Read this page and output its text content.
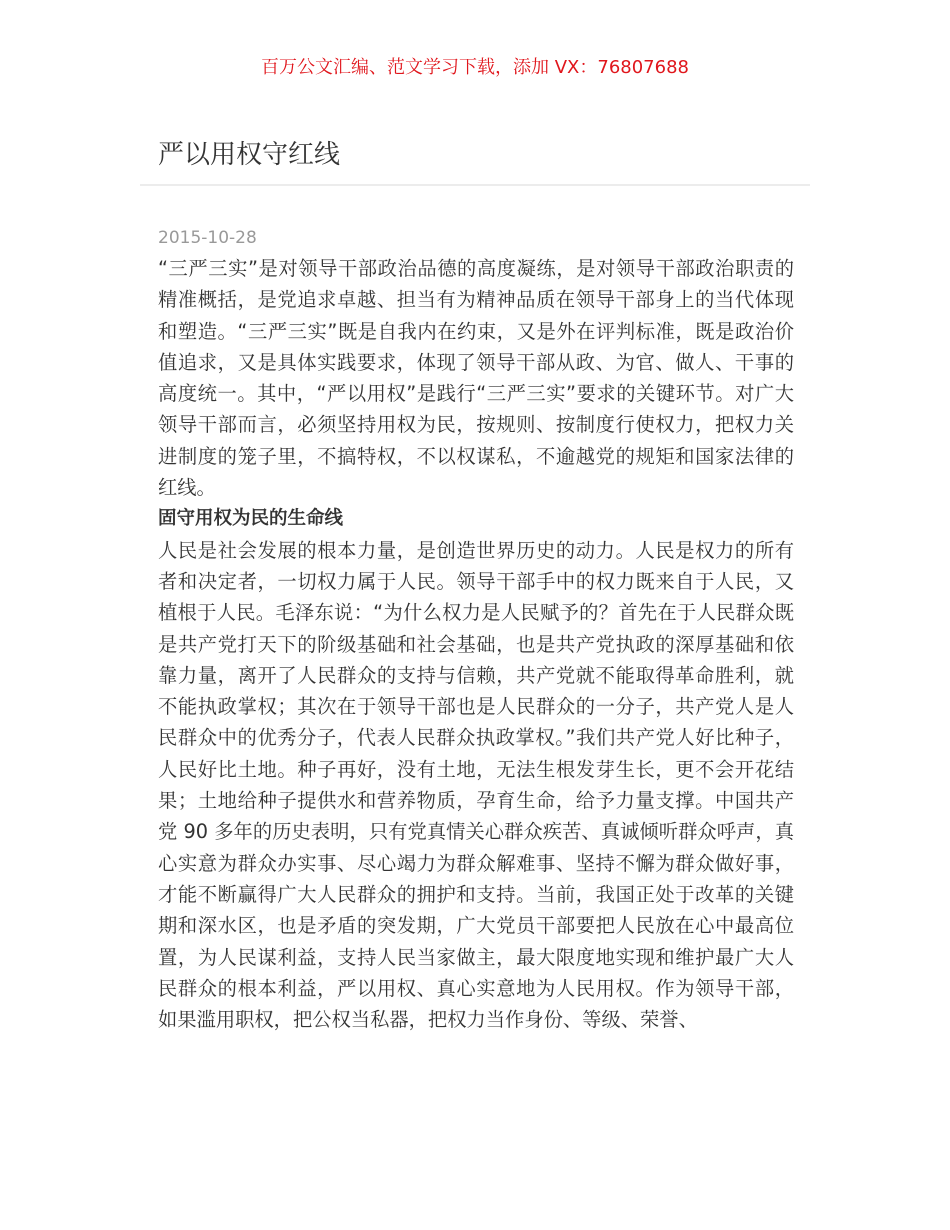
百万公文汇编、范文学习下载，添加 VX：76807688
严以用权守红线
2015-10-28

“三严三实”是对领导干部政治品德的高度凝练，是对领导干部政治职责的精准概括，是党追求卓越、担当有为精神品质在领导干部身上的当代体现和塑造。“三严三实”既是自我内在约束，又是外在评判标准，既是政治价值追求，又是具体实践要求，体现了领导干部从政、为官、做人、干事的高度统一。其中，“严以用权”是践行“三严三实”要求的关键环节。对广大领导干部而言，必须坚持用权为民，按规则、按制度行使权力，把权力关进制度的笼子里，不搞特权，不以权谋私，不逾越党的规矩和国家法律的红线。

固守用权为民的生命线

人民是社会发展的根本力量，是创造世界历史的动力。人民是权力的所有者和决定者，一切权力属于人民。领导干部手中的权力既来自于人民，又植根于人民。毛泽东说：“为什么权力是人民赋予的？首先在于人民群众既是共产党打天下的阶级基础和社会基础，也是共产党执政的深厚基础和依靠力量，离开了人民群众的支持与信赖，共产党就不能取得革命胜利，就不能执政掌权；其次在于领导干部也是人民群众的一分子，共产党人是人民群众中的优秀分子，代表人民群众执政掌权。”我们共产党人好比种子，人民好比土地。种子再好，没有土地，无法生根发芽生长，更不会开花结果；土地给种子提供水和营养物质，孕育生命，给予力量支撑。中国共产党 90 多年的历史表明，只有党真情关心群众疾苦、真诚倾听群众呼声，真心实意为群众办实事、尽心竭力为群众解难事、坚持不懈为群众做好事，才能不断赢得广大人民群众的拥护和支持。当前，我国正处于改革的关键期和深水区，也是矛盾的突发期，广大党员干部要把人民放在心中最高位置，为人民谋利益，支持人民当家做主，最大限度地实现和维护最广大人民群众的根本利益，严以用权、真心实意地为人民用权。作为领导干部，如果滥用职权，把公权当私器，把权力当作身份、等级、荣誉、
